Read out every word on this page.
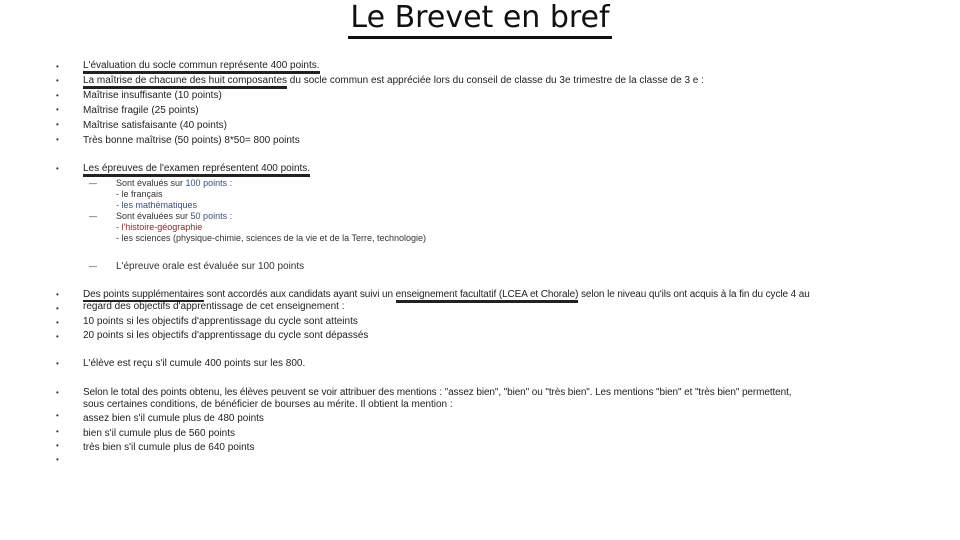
Le Brevet en bref
•
•
•
•
•
•
L'évaluation du socle commun représente 400 points.
La maîtrise de chacune des huit composantes du socle commun est appréciée lors du conseil de classe du 3e trimestre de la classe de 3 e :
Maîtrise insuffisante (10 points)
Maîtrise fragile (25 points)
Maîtrise satisfaisante (40 points)
Très bonne maîtrise (50 points) 8*50= 800 points
• Les épreuves de l'examen représentent 400 points.
— Sont évalués sur 100 points :
- le français
- les mathématiques
— Sont évaluées sur 50 points :
- l'histoire-géographie
- les sciences (physique-chimie, sciences de la vie et de la Terre, technologie)
— L'épreuve orale est évaluée sur 100 points
•
•
•
•
Des points supplémentaires sont accordés aux candidats ayant suivi un enseignement facultatif (LCEA et Chorale) selon le niveau qu'ils ont acquis à la fin du cycle 4 au
regard des objectifs d'apprentissage de cet enseignement :
10 points si les objectifs d'apprentissage du cycle sont atteints
20 points si les objectifs d'apprentissage du cycle sont dépassés
• L'élève est reçu s'il cumule 400 points sur les 800.
•
•
•
•
•
Selon le total des points obtenu, les élèves peuvent se voir attribuer des mentions : "assez bien", "bien" ou "très bien". Les mentions "bien" et "très bien" permettent,
sous certaines conditions, de bénéficier de bourses au mérite. Il obtient la mention :
assez bien s'il cumule plus de 480 points
bien s'il cumule plus de 560 points
très bien s'il cumule plus de 640 points
